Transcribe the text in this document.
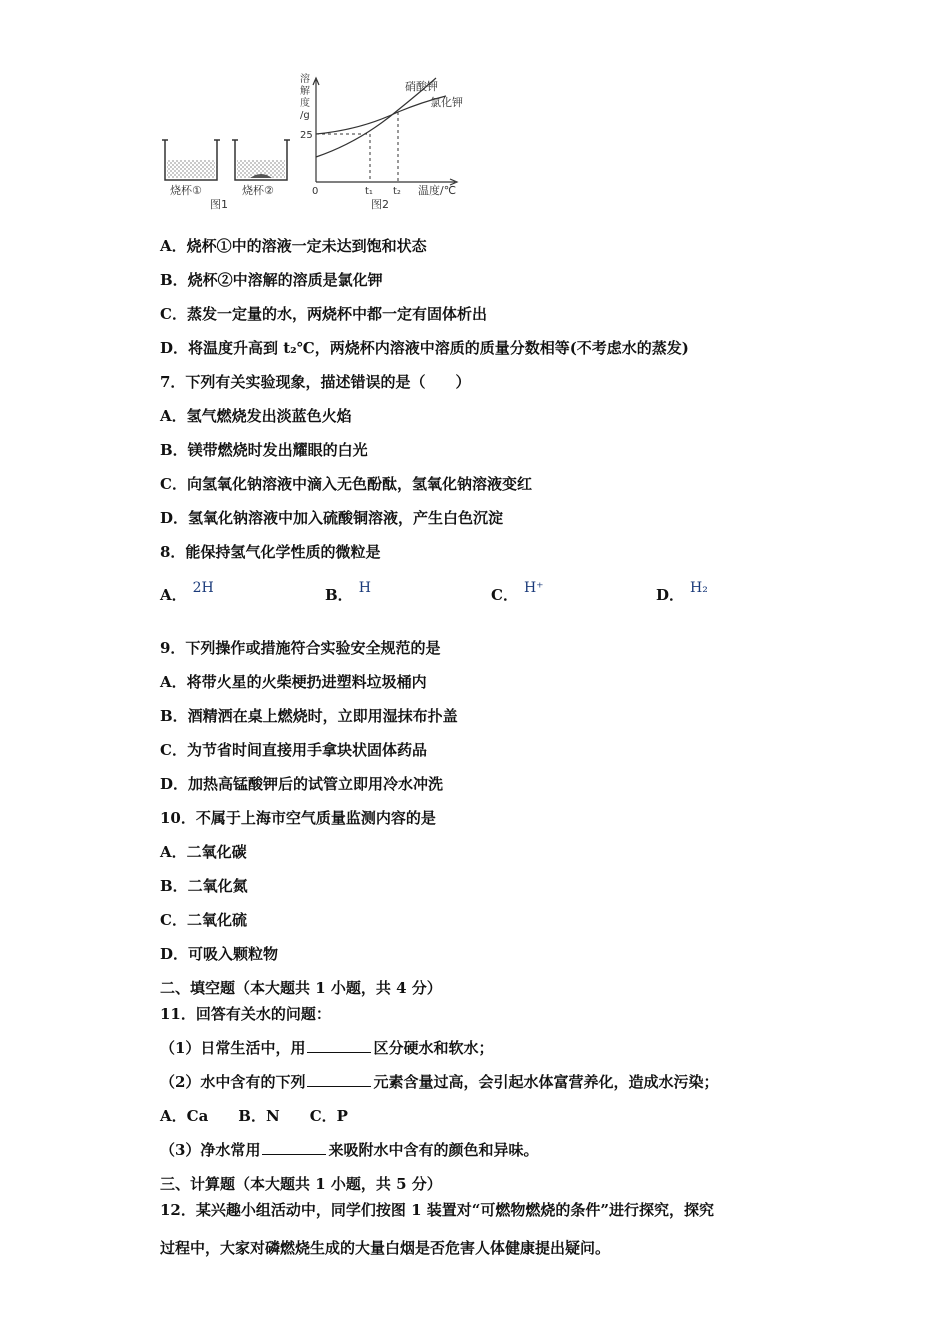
烧杯①	烧杯②
图1
溶
解
度
/g
25
0	t₁ t₂ 温度/℃
硝酸钾
氯化钾
图2
A．烧杯①中的溶液一定未达到饱和状态
B．烧杯②中溶解的溶质是氯化钾
C．蒸发一定量的水，两烧杯中都一定有固体析出
D．将温度升高到 t₂℃，两烧杯内溶液中溶质的质量分数相等(不考虑水的蒸发)
7．下列有关实验现象，描述错误的是（　　）
A．氢气燃烧发出淡蓝色火焰
B．镁带燃烧时发出耀眼的白光
C．向氢氧化钠溶液中滴入无色酚酞，氢氧化钠溶液变红
D．氢氧化钠溶液中加入硫酸铜溶液，产生白色沉淀
8．能保持氢气化学性质的微粒是
A． 2H	B． H	C． H⁺	D． H₂
9．下列操作或措施符合实验安全规范的是
A．将带火星的火柴梗扔进塑料垃圾桶内
B．酒精洒在桌上燃烧时，立即用湿抹布扑盖
C．为节省时间直接用手拿块状固体药品
D．加热高锰酸钾后的试管立即用冷水冲洗
10．不属于上海市空气质量监测内容的是
A．二氧化碳
B．二氧化氮
C．二氧化硫
D．可吸入颗粒物
二、填空题（本大题共 1 小题，共 4 分）
11．回答有关水的问题：
（1）日常生活中，用	区分硬水和软水；
（2）水中含有的下列	元素含量过高，会引起水体富营养化，造成水污染；
A．Ca B．N C．P
（3）净水常用	来吸附水中含有的颜色和异味。
三、计算题（本大题共 1 小题，共 5 分）
12．某兴趣小组活动中，同学们按图 1 装置对“可燃物燃烧的条件”进行探究，探究
过程中，大家对磷燃烧生成的大量白烟是否危害人体健康提出疑问。
